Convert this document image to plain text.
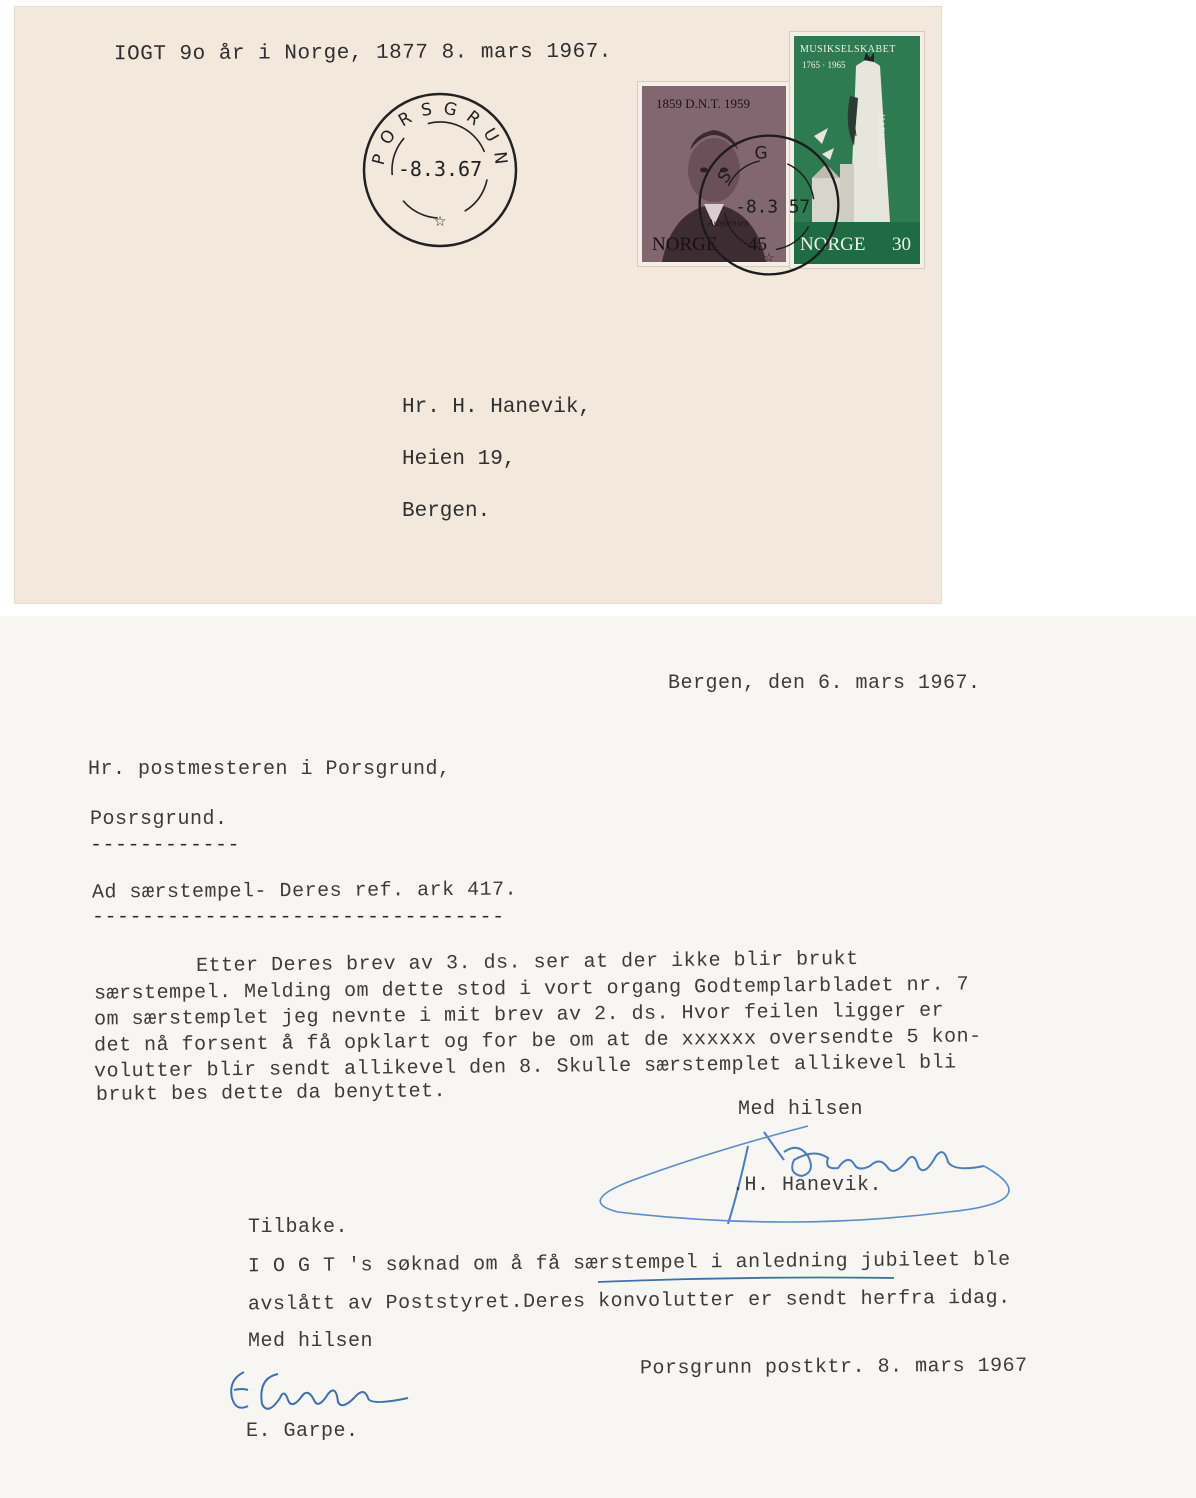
IOGT 9o år i Norge, 1877 8. mars 1967.
PORSGRUN
-8.3.67
☆
1859 D.N.T. 1959
Asbjørnsen
NORGE 45
MUSIKSELSKABET
1765 · 1965
HARMONIEN
NORGE 30
S G
-8.3 57
☆
Hr. H. Hanevik,
Heien 19,
Bergen.
Bergen, den 6. mars 1967.
Hr. postmesteren i Porsgrund,
Posrsgrund.
------------
Ad særstempel- Deres ref. ark 417.
---------------------------------
Etter Deres brev av 3. ds. ser at der ikke blir brukt
særstempel. Melding om dette stod i vort organg Godtemplarbladet nr. 7
om særstemplet jeg nevnte i mit brev av 2. ds. Hvor feilen ligger er
det nå forsent å få opklart og for be om at de xxxxxx oversendte 5 kon-
volutter blir sendt allikevel den 8. Skulle særstemplet allikevel bli
brukt bes dette da benyttet.
Med hilsen
.H. Hanevik.
Tilbake.
I O G T 's søknad om å få særstempel i anledning jubileet ble
avslått av Poststyret.Deres konvolutter er sendt herfra idag.
Med hilsen
Porsgrunn postktr. 8. mars 1967
E. Garpe.
